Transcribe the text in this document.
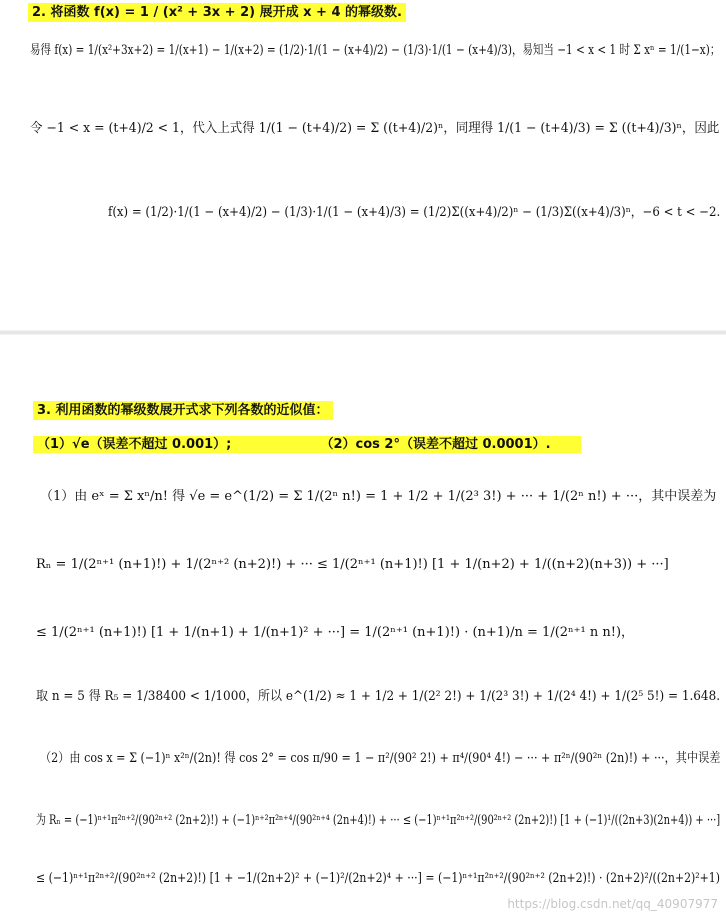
2. 将函数 f(x) = 1 / (x² + 3x + 2) 展开成 x + 4 的幂级数.
易得 f(x) = 1/(x²+3x+2) = 1/(x+1) − 1/(x+2) = (1/2)·1/(1 − (x+4)/2) − (1/3)·1/(1 − (x+4)/3)，易知当 −1 < x < 1 时 Σ xⁿ = 1/(1−x)；
令 −1 < x = (t+4)/2 < 1，代入上式得 1/(1 − (t+4)/2) = Σ ((t+4)/2)ⁿ，同理得 1/(1 − (t+4)/3) = Σ ((t+4)/3)ⁿ，因此
f(x) = (1/2)·1/(1 − (x+4)/2) − (1/3)·1/(1 − (x+4)/3) = (1/2)Σ((x+4)/2)ⁿ − (1/3)Σ((x+4)/3)ⁿ，−6 < t < −2.
3. 利用函数的幂级数展开式求下列各数的近似值：
（1）√e（误差不超过 0.001）;	（2）cos 2°（误差不超过 0.0001）.
（1）由 eˣ = Σ xⁿ/n! 得 √e = e^(1/2) = Σ 1/(2ⁿ n!) = 1 + 1/2 + 1/(2³ 3!) + ··· + 1/(2ⁿ n!) + ···，其中误差为
Rₙ = 1/(2ⁿ⁺¹ (n+1)!) + 1/(2ⁿ⁺² (n+2)!) + ··· ≤ 1/(2ⁿ⁺¹ (n+1)!) [1 + 1/(n+2) + 1/((n+2)(n+3)) + ···]
≤ 1/(2ⁿ⁺¹ (n+1)!) [1 + 1/(n+1) + 1/(n+1)² + ···] = 1/(2ⁿ⁺¹ (n+1)!) · (n+1)/n = 1/(2ⁿ⁺¹ n n!)，
取 n = 5 得 R₅ = 1/38400 < 1/1000，所以 e^(1/2) ≈ 1 + 1/2 + 1/(2² 2!) + 1/(2³ 3!) + 1/(2⁴ 4!) + 1/(2⁵ 5!) = 1.648.
（2）由 cos x = Σ (−1)ⁿ x²ⁿ/(2n)! 得 cos 2° = cos π/90 = 1 − π²/(90² 2!) + π⁴/(90⁴ 4!) − ··· + π²ⁿ/(90²ⁿ (2n)!) + ···，其中误差
为 Rₙ = (−1)ⁿ⁺¹π²ⁿ⁺²/(90²ⁿ⁺² (2n+2)!) + (−1)ⁿ⁺²π²ⁿ⁺⁴/(90²ⁿ⁺⁴ (2n+4)!) + ··· ≤ (−1)ⁿ⁺¹π²ⁿ⁺²/(90²ⁿ⁺² (2n+2)!) [1 + (−1)¹/((2n+3)(2n+4)) + ···]
≤ (−1)ⁿ⁺¹π²ⁿ⁺²/(90²ⁿ⁺² (2n+2)!) [1 + −1/(2n+2)² + (−1)²/(2n+2)⁴ + ···] = (−1)ⁿ⁺¹π²ⁿ⁺²/(90²ⁿ⁺² (2n+2)!) · (2n+2)²/((2n+2)²+1)
https://blog.csdn.net/qq_40907977
